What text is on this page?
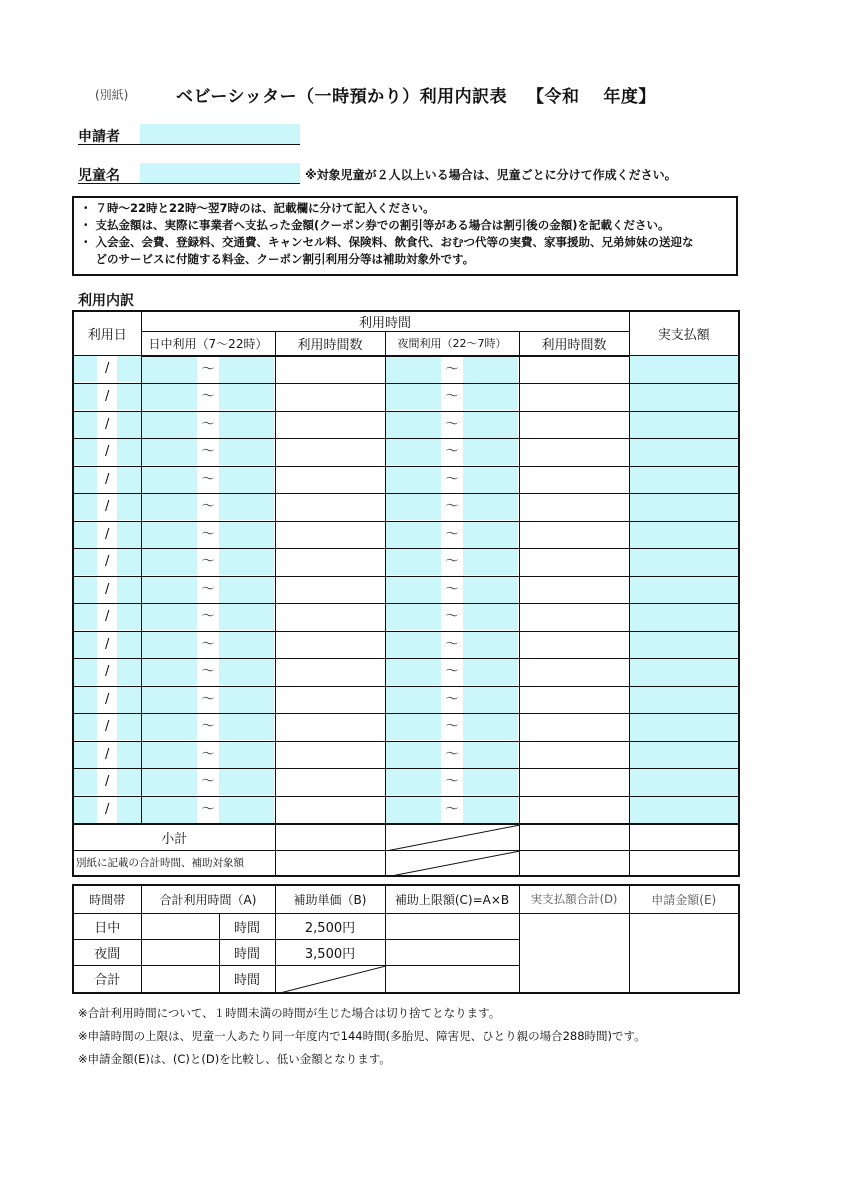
(別紙)	ベビーシッター（一時預かり）利用内訳表 【令和　 年度】
申請者
児童名	※対象児童が２人以上いる場合は、児童ごとに分けて作成ください。
・ ７時～22時と22時～翌7時のは、記載欄に分けて記入ください。
・ 支払金額は、実際に事業者へ支払った金額(クーポン券での割引等がある場合は割引後の金額)を記載ください。
・ 入会金、会費、登録料、交通費、キャンセル料、保険料、飲食代、おむつ代等の実費、家事援助、兄弟姉妹の送迎な
　 どのサービスに付随する料金、クーポン割引利用分等は補助対象外です。
利用内訳
利用日	利用時間				実支払額
	日中利用（7～22時）	利用時間数	夜間利用（22～7時）	利用時間数	

/	～		～		

/	～		～		

/	～		～		

/	～		～		

/	～		～		

/	～		～		

/	～		～		

/	～		～		

/	～		～		

/	～		～		

/	～		～		

/	～		～		

/	～		～		

/	～		～		

/	～		～		

/	～		～		

/	～		～		

小計		

別紙に記載の合計時間、補助対象額		

時間帯	合計利用時間（A)		補助単価（B)	補助上限額(C)=A×B	実支払額合計(D)	申請金額(E)
日中		時間	2,500円			
夜間		時間	3,500円			
合計		時間	

※合計利用時間について、１時間未満の時間が生じた場合は切り捨てとなります。
※申請時間の上限は、児童一人あたり同一年度内で144時間(多胎児、障害児、ひとり親の場合288時間)です。
※申請金額(E)は、(C)と(D)を比較し、低い金額となります。
